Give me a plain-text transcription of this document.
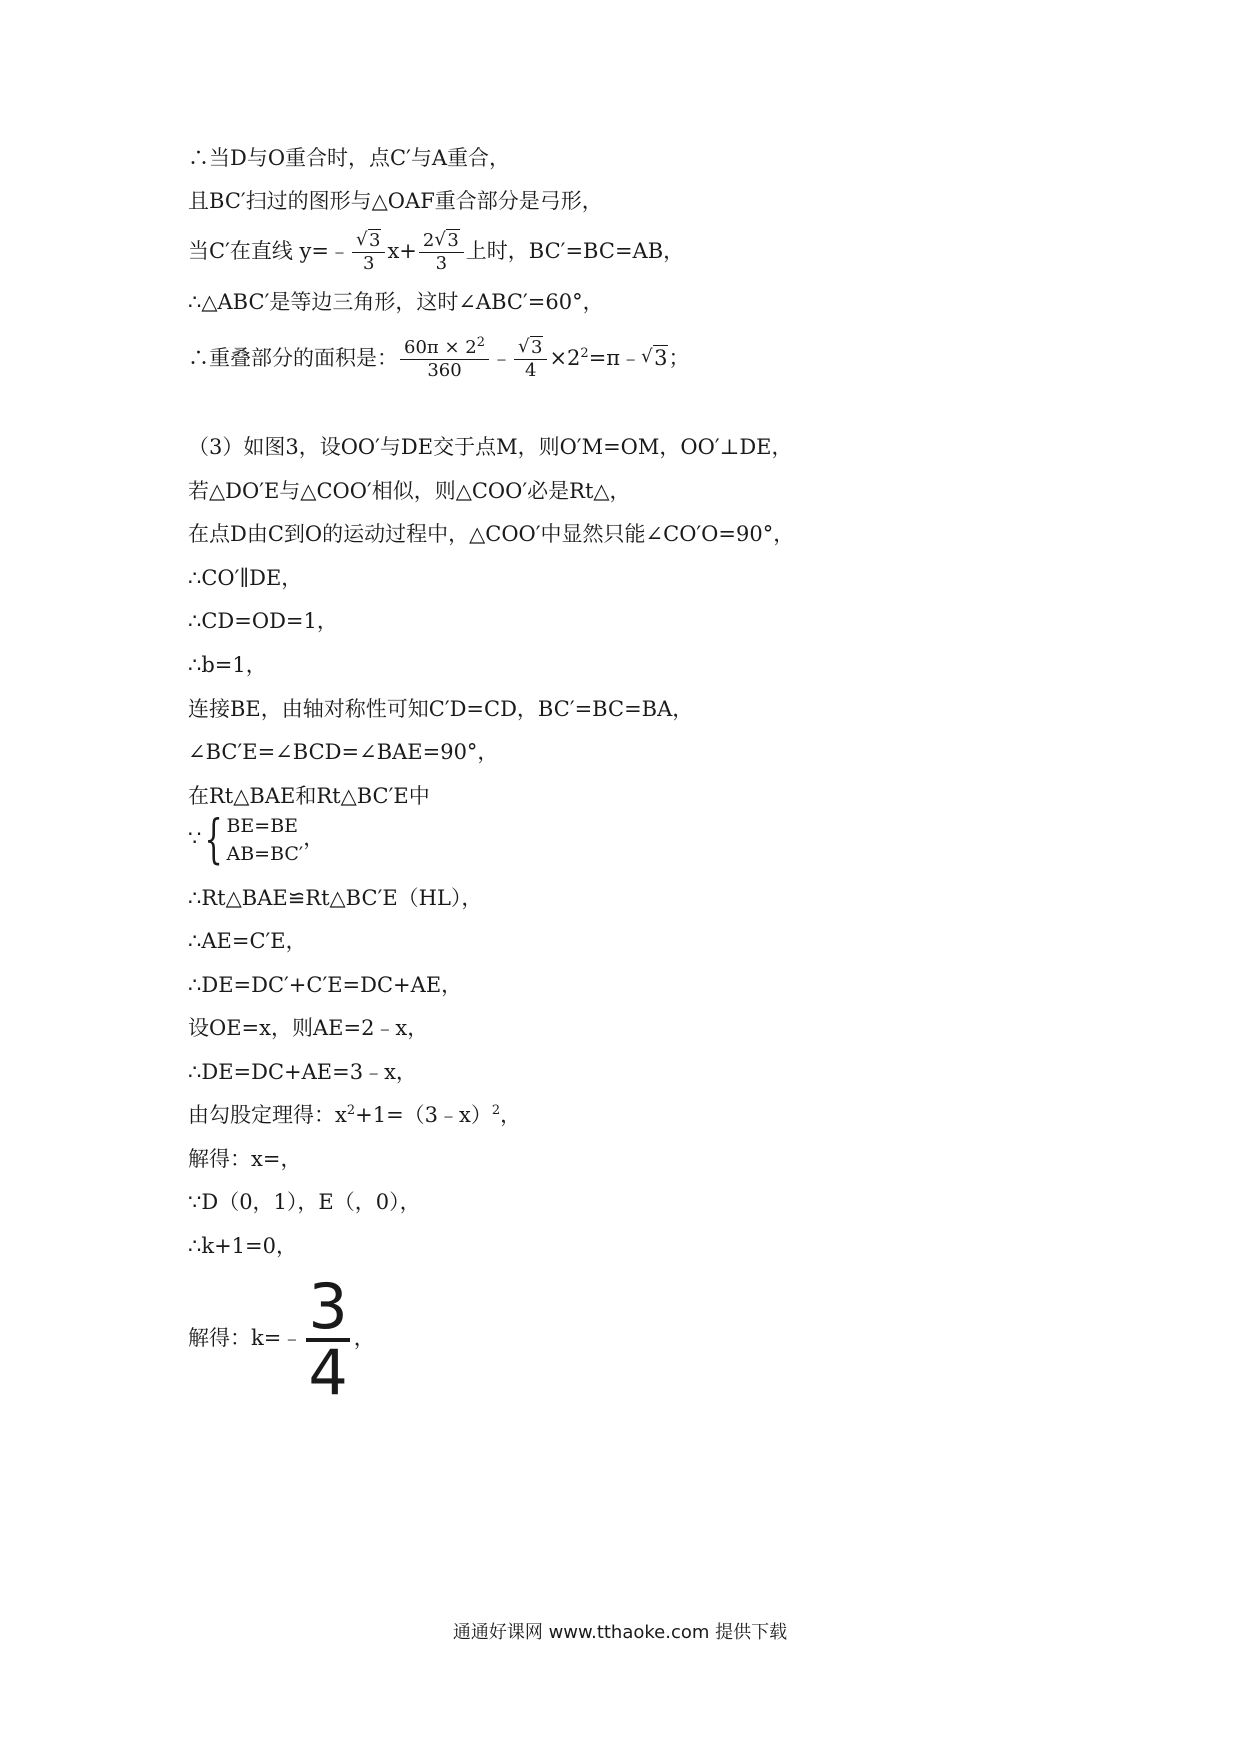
∴当D与O重合时，点C′与A重合，
且BC′扫过的图形与△OAF重合部分是弓形，
当C′在直线 y=﹣
√ $\frac{3}{3} x+ \frac{2√ 3}{3}$ 上时，BC′=BC=AB，
∴△ABC′是等边三角形，这时∠ABC′=60°，
∴重叠部分的面积是： $\frac{60\pi \times 2^2}{360}$ ﹣
√ $\frac{3}{4}$ $\times 2^2=\pi﹣√$ 3；
（3）如图3，设OO′与DE交于点M，则O′M=OM，OO′⊥DE，
若△DO′E与△COO′相似，则△COO′必是Rt△，
在点D由C到O的运动过程中，△COO′中显然只能∠CO′O=90°，
∴CO′∥DE，
∴CD=OD=1，
∴b=1，
连接BE，由轴对称性可知C′D=CD，BC′=BC=BA，
∠BC′E=∠BCD=∠BAE=90°，
在Rt△BAE和Rt△BC′E中
∵{ BE=BE
AB=BC′
，
∴Rt△BAE≌Rt△BC′E（HL），
∴AE=C′E，
∴DE=DC′+C′E=DC+AE，
设OE=x，则AE=2﹣x，
∴DE=DC+AE=3﹣x，
由勾股定理得：$x^2+1=(3﹣x)^2$，
解得：x=，
∵D（0，1），E（，0），
∴k+1=0，
解得：k=﹣ $\frac{3}{4}$ ，
通通好课网 www.tthaoke.com 提供下载
